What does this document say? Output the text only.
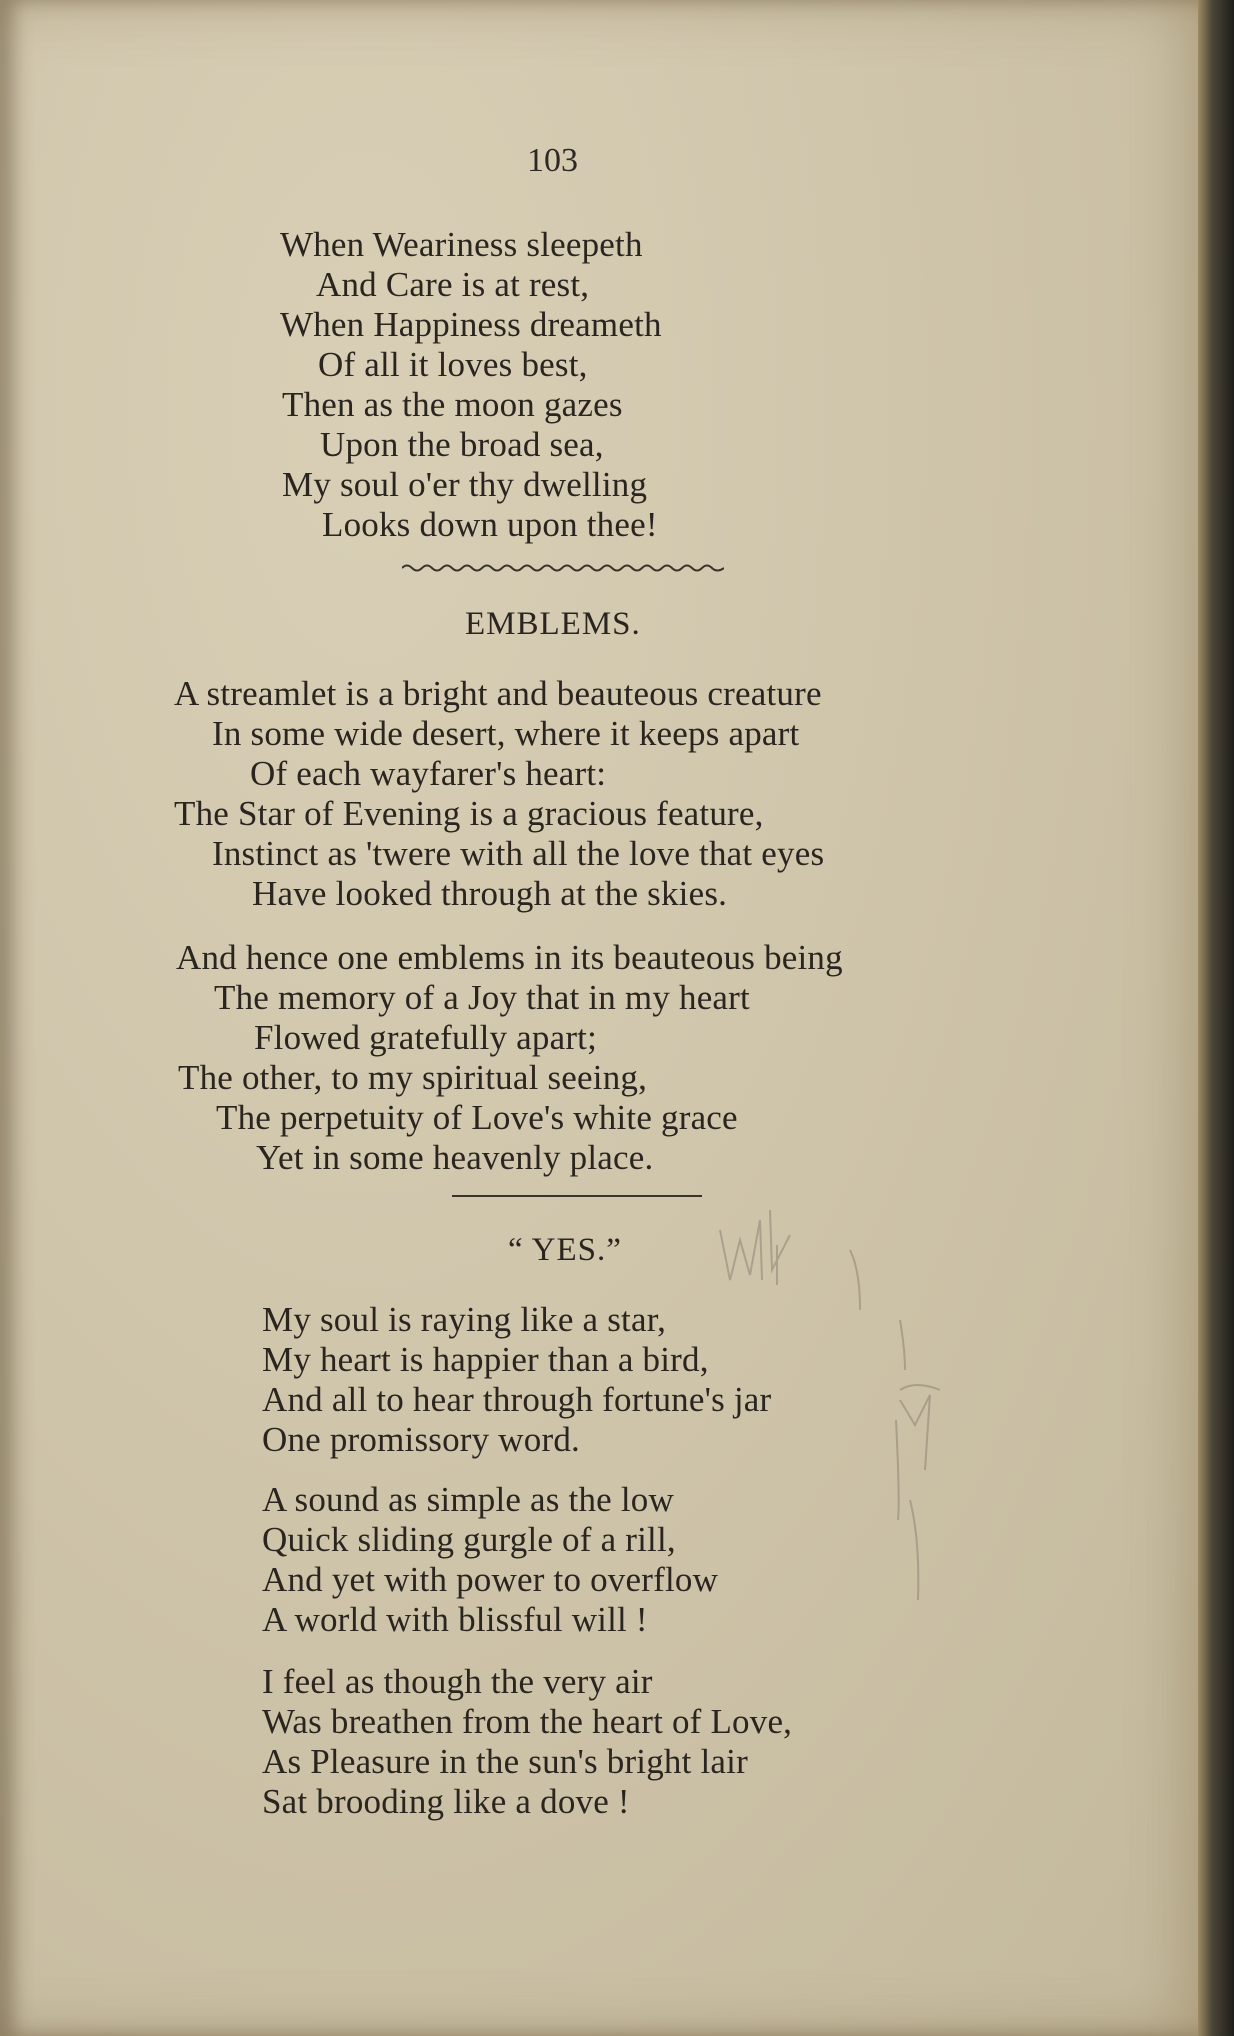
103
When Weariness sleepeth
And Care is at rest,
When Happiness dreameth
Of all it loves best,
Then as the moon gazes
Upon the broad sea,
My soul o'er thy dwelling
Looks down upon thee!
EMBLEMS.
A streamlet is a bright and beauteous creature
In some wide desert, where it keeps apart
Of each wayfarer's heart:
The Star of Evening is a gracious feature,
Instinct as 'twere with all the love that eyes
Have looked through at the skies.
And hence one emblems in its beauteous being
The memory of a Joy that in my heart
Flowed gratefully apart;
The other, to my spiritual seeing,
The perpetuity of Love's white grace
Yet in some heavenly place.
“ YES.”
My soul is raying like a star,
My heart is happier than a bird,
And all to hear through fortune's jar
One promissory word.
A sound as simple as the low
Quick sliding gurgle of a rill,
And yet with power to overflow
A world with blissful will !
I feel as though the very air
Was breathen from the heart of Love,
As Pleasure in the sun's bright lair
Sat brooding like a dove !
